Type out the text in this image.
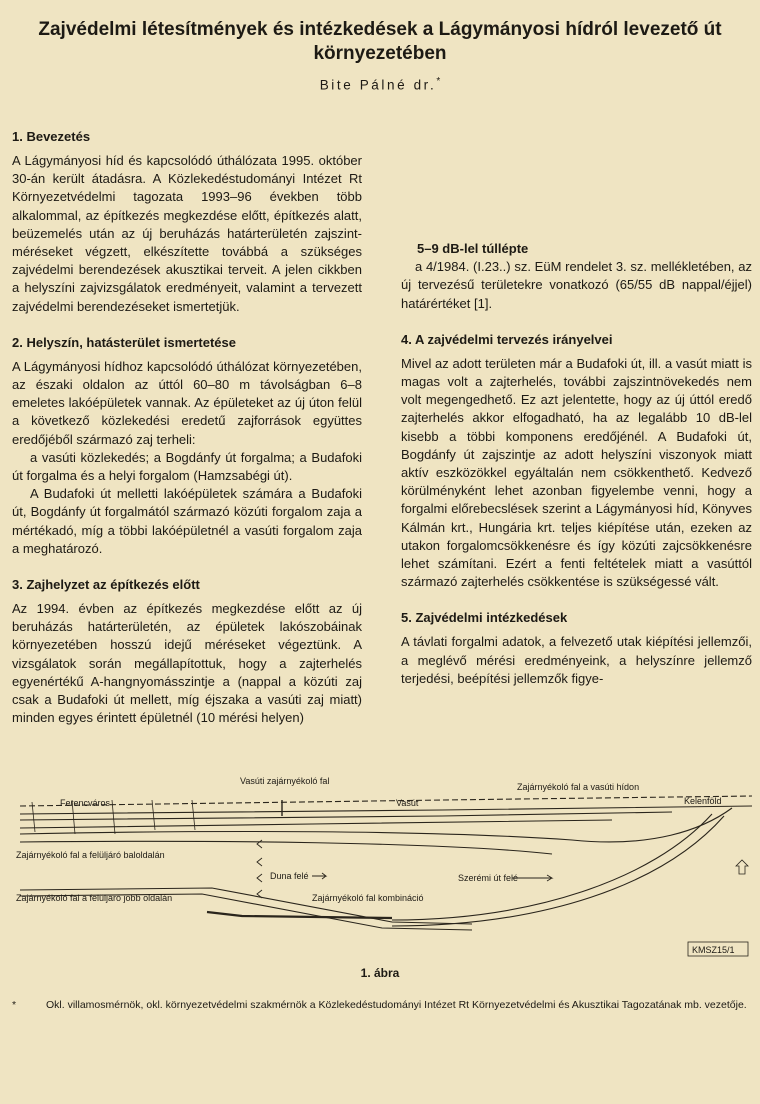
Zajvédelmi létesítmények és intézkedések a Lágymányosi hídról levezető út környezetében
Bite Pálné dr.*
1. Bevezetés

A Lágymányosi híd és kapcsolódó úthálózata 1995. október 30-án került átadásra. A Közlekedéstudományi Intézet Rt Környezetvédelmi tagozata 1993–96 években több alkalommal, az építkezés megkezdése előtt, építkezés alatt, beüzemelés után az új beruházás határterületén zajszint-méréseket végzett, elkészítette továbbá a szükséges zajvédelmi berendezések akusztikai terveit. A jelen cikkben a helyszíni zajvizsgálatok eredményeit, valamint a tervezett zajvédelmi berendezéseket ismertetjük.

2. Helyszín, hatásterület ismertetése

A Lágymányosi hídhoz kapcsolódó úthálózat környezetében, az északi oldalon az úttól 60–80 m távolságban 6–8 emeletes lakóépületek vannak. Az épületeket az új úton felül a következő közlekedési eredetű zajforrások együttes eredőjéből származó zaj terheli:

a vasúti közlekedés; a Bogdánfy út forgalma; a Budafoki út forgalma és a helyi forgalom (Hamzsabégi út).

A Budafoki út melletti lakóépületek számára a Budafoki út, Bogdánfy út forgalmától származó közúti forgalom zaja a mértékadó, míg a többi lakóépületnél a vasúti forgalom zaja a meghatározó.

3. Zajhelyzet az építkezés előtt

Az 1994. évben az építkezés megkezdése előtt az új beruházás határterületén, az épületek lakószobáinak környezetében hosszú idejű méréseket végeztünk. A vizsgálatok során megállapítottuk, hogy a zajterhelés egyenértékű A-hangnyomásszintje a (nappal a közúti zaj csak a Budafoki út mellett, míg éjszaka a vasúti zaj miatt) minden egyes érintett épületnél (10 mérési helyen)

5–9 dB-lel túllépte

a 4/1984. (I.23..) sz. EüM rendelet 3. sz. mellékletében, az új tervezésű területekre vonatkozó (65/55 dB nappal/éjjel) határértéket [1].

4. A zajvédelmi tervezés irányelvei

Mivel az adott területen már a Budafoki út, ill. a vasút miatt is magas volt a zajterhelés, további zajszintnövekedés nem volt megengedhető. Ez azt jelentette, hogy az új úttól eredő zajterhelés akkor elfogadható, ha az legalább 10 dB-lel kisebb a többi komponens eredőjénél. A Budafoki út, Bogdánfy út zajszintje az adott helyszíni viszonyok miatt aktív eszközökkel egyáltalán nem csökkenthető. Kedvező körülményként lehet azonban figyelembe venni, hogy a forgalmi előrebecslések szerint a Lágymányosi híd, Könyves Kálmán krt., Hungária krt. teljes kiépítése után, ezeken az utakon forgalomcsökkenésre és így közúti zajcsökkenésre lehet számítani. Ezért a fenti feltételek miatt a vasúttól származó zajterhelés csökkentése is szükségessé vált.

5. Zajvédelmi intézkedések

A távlati forgalmi adatok, a felvezető utak kiépítési jellemzői, a meglévő mérési eredményeink, a helyszínre jellemző terjedési, beépítési jellemzők figye-

Vasúti zajárnyékoló fal
Zajárnyékoló fal a vasúti hídon
Ferencváros	Vasút	Kelenföld
Zajárnyékoló fal a felüljáró baloldalán
Duna felé	Szerémi út felé
Zajárnyékoló fal a felüljáró jobb oldalán	Zajárnyékoló fal kombináció
KMSZ15/1
1. ábra
*	Okl. villamosmérnök, okl. környezetvédelmi szakmérnök a Közlekedéstudományi Intézet Rt Környezetvédelmi és Akusztikai Tagozatának mb. vezetője.
